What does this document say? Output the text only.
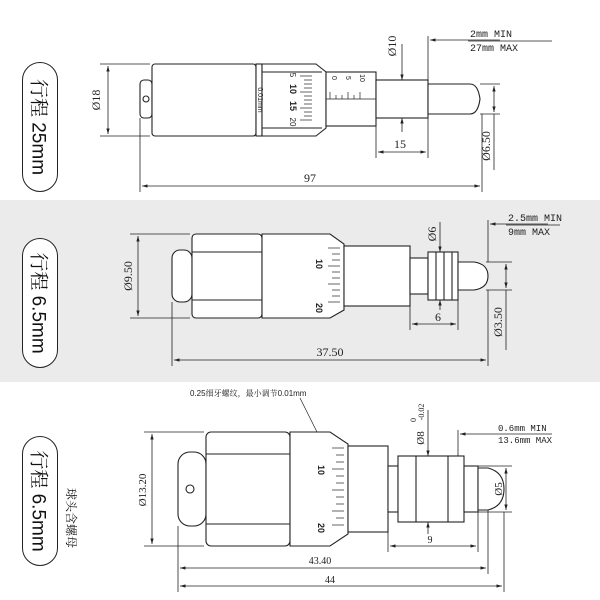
行程 25mm	0.01mm
5
10
15
20
0 5 10
Ø18
Ø10
15	Ø6.50
97
2mm MIN
27mm MAX
行程 6.5mm	10
20
Ø9.50
Ø6
6	Ø3.50
37.50
2.5mm MIN
9mm MAX
行程 6.5mm	球头含螺母
0.25细牙螺纹，最小调节0.01mm
10
20
Ø13.20
Ø8
0 -0.02
Ø5
9
43.40
44
0.6mm MIN
13.6mm MAX
